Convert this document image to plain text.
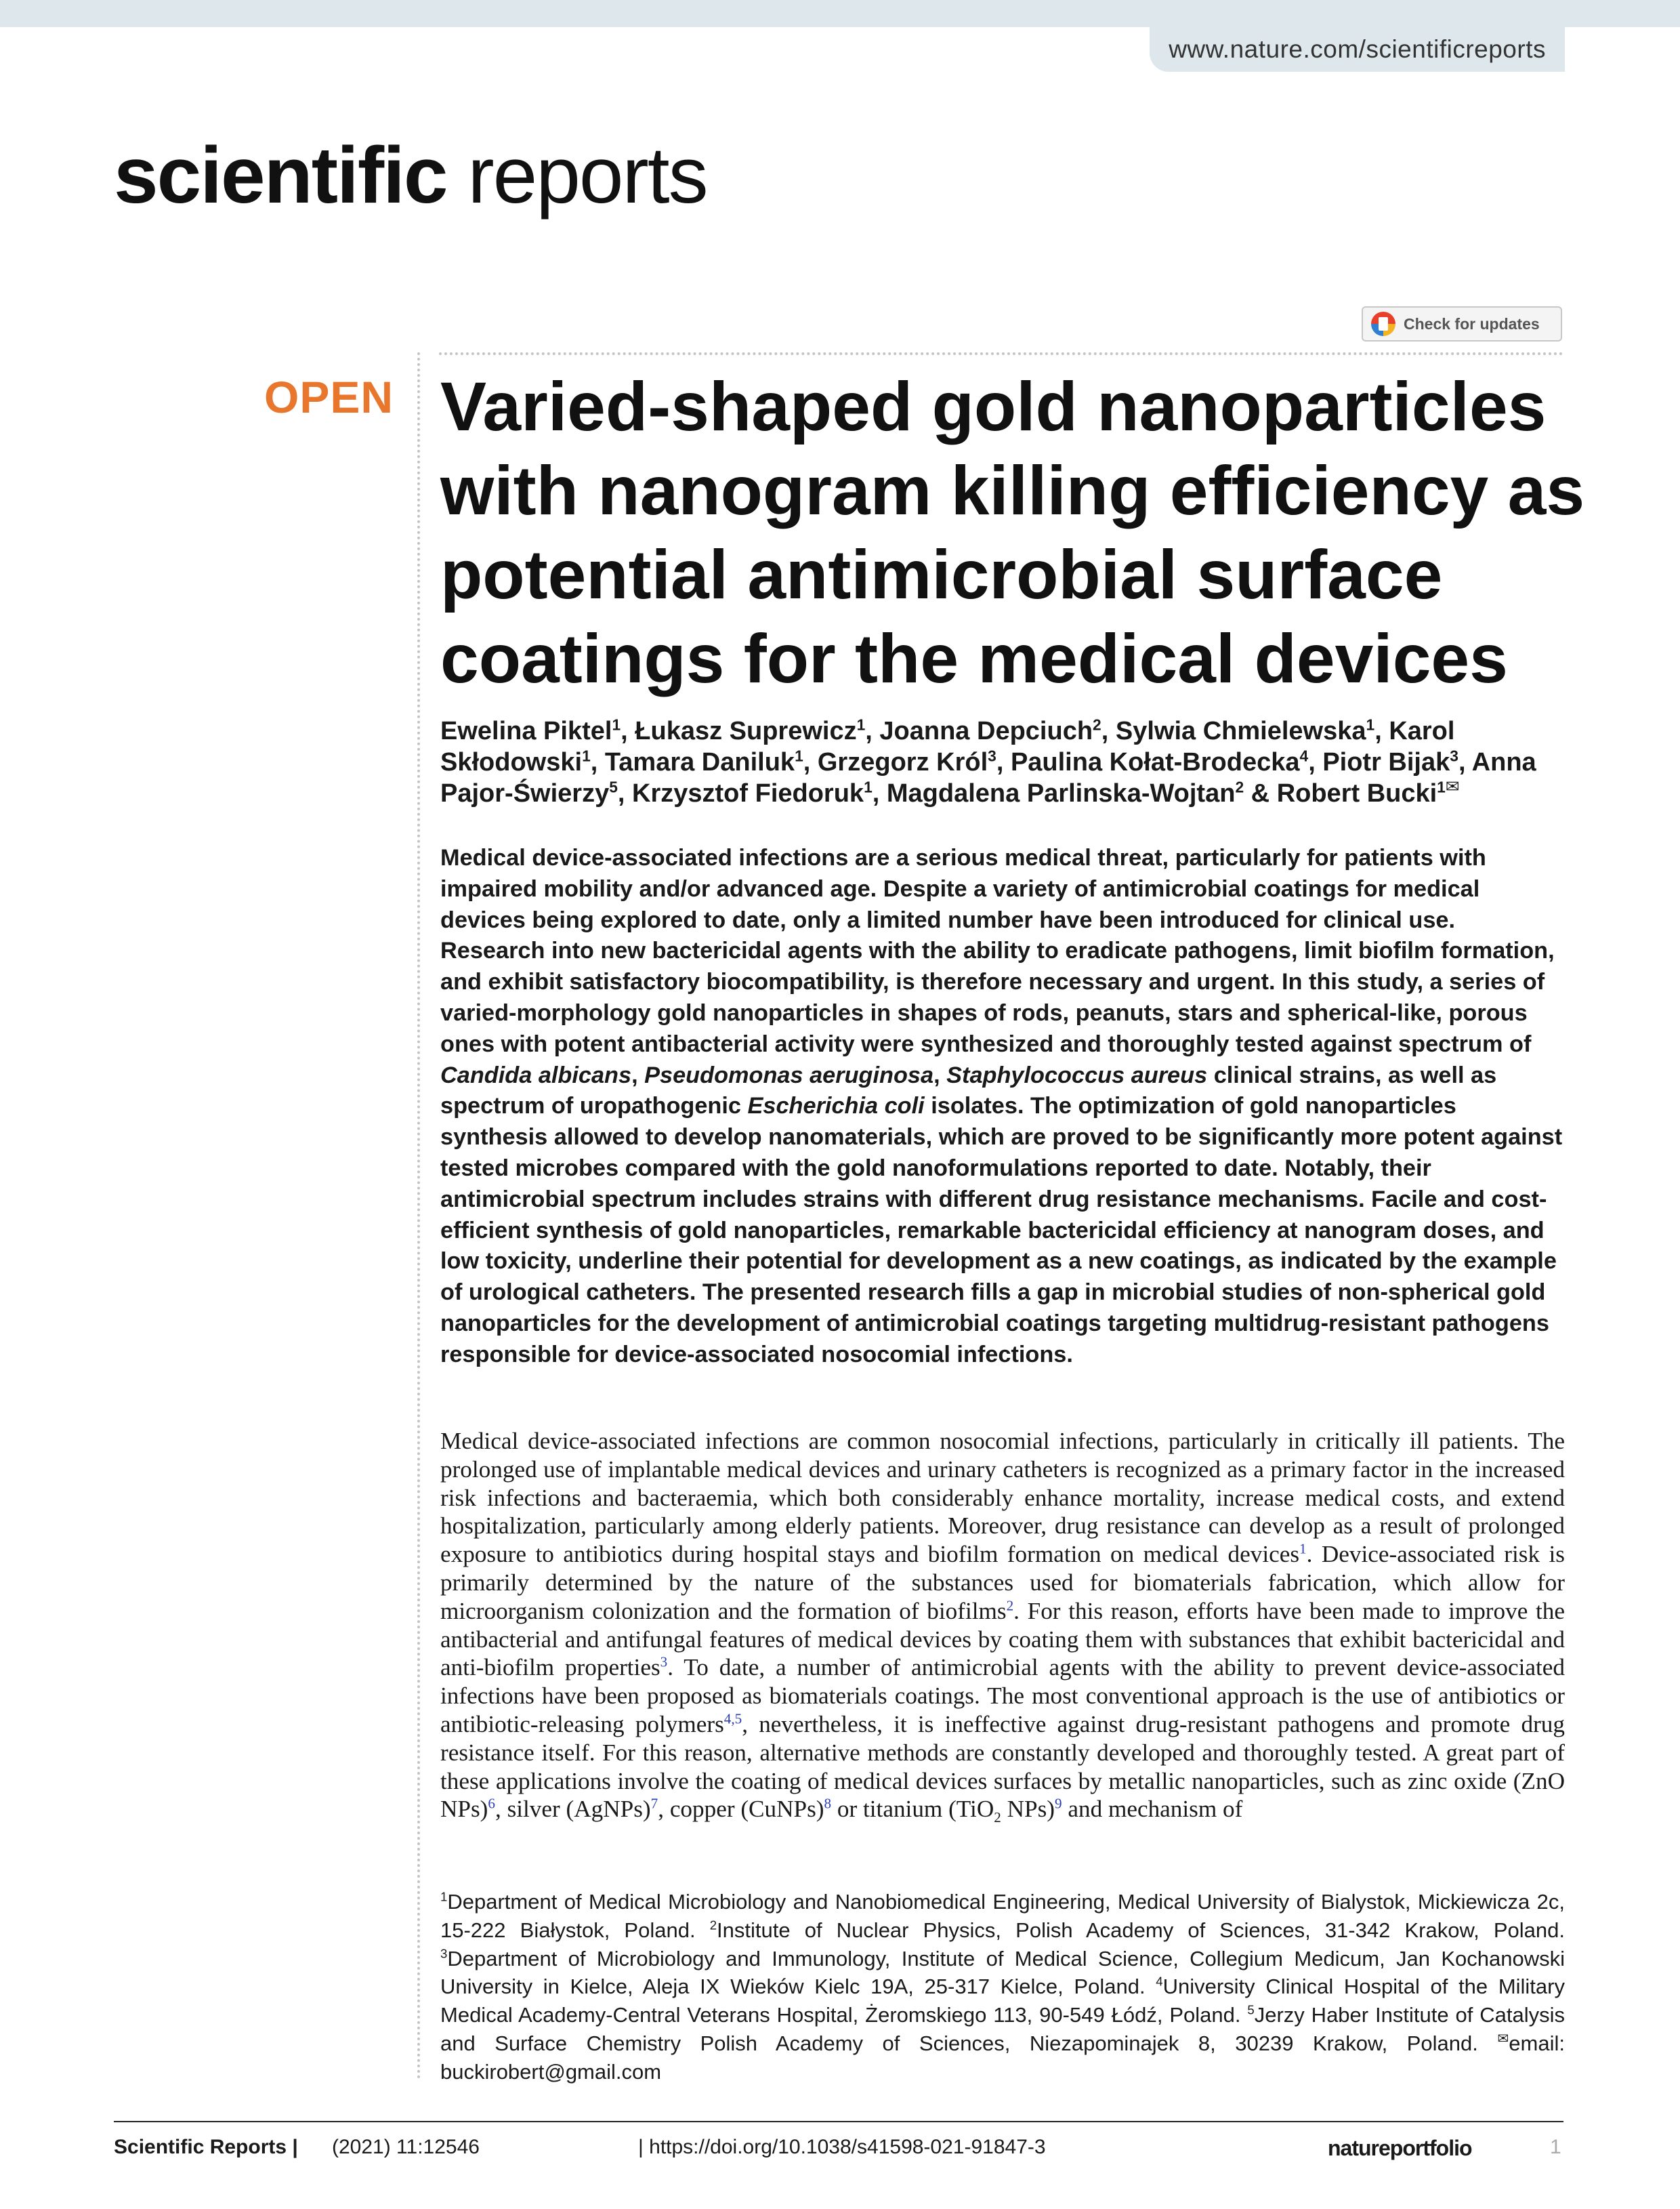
www.nature.com/scientificreports
scientific reports
Check for updates
OPEN Varied-shaped gold nanoparticles with nanogram killing efficiency as potential antimicrobial surface coatings for the medical devices
Ewelina Piktel$^1$, Łukasz Suprewicz$^1$, Joanna Depciuch$^2$, Sylwia Chmielewska$^1$, Karol Skłodowski$^1$, Tamara Daniluk$^1$, Grzegorz Król$^3$, Paulina Kołat-Brodecka$^4$, Piotr Bijak$^3$, Anna Pajor-Świerzy$^5$, Krzysztof Fiedoruk$^1$, Magdalena Parlinska-Wojtan$^2$ & Robert Bucki$^1$✉

Medical device-associated infections are a serious medical threat, particularly for patients with impaired mobility and/or advanced age. Despite a variety of antimicrobial coatings for medical devices being explored to date, only a limited number have been introduced for clinical use. Research into new bactericidal agents with the ability to eradicate pathogens, limit biofilm formation, and exhibit satisfactory biocompatibility, is therefore necessary and urgent. In this study, a series of varied-morphology gold nanoparticles in shapes of rods, peanuts, stars and spherical-like, porous ones with potent antibacterial activity were synthesized and thoroughly tested against spectrum of Candida albicans, Pseudomonas aeruginosa, Staphylococcus aureus clinical strains, as well as spectrum of uropathogenic Escherichia coli isolates. The optimization of gold nanoparticles synthesis allowed to develop nanomaterials, which are proved to be significantly more potent against tested microbes compared with the gold nanoformulations reported to date. Notably, their antimicrobial spectrum includes strains with different drug resistance mechanisms. Facile and cost-efficient synthesis of gold nanoparticles, remarkable bactericidal efficiency at nanogram doses, and low toxicity, underline their potential for development as a new coatings, as indicated by the example of urological catheters. The presented research fills a gap in microbial studies of non-spherical gold nanoparticles for the development of antimicrobial coatings targeting multidrug-resistant pathogens responsible for device-associated nosocomial infections.

Medical device-associated infections are common nosocomial infections, particularly in critically ill patients. The prolonged use of implantable medical devices and urinary catheters is recognized as a primary factor in the increased risk infections and bacteraemia, which both considerably enhance mortality, increase medical costs, and extend hospitalization, particularly among elderly patients. Moreover, drug resistance can develop as a result of prolonged exposure to antibiotics during hospital stays and biofilm formation on medical devices$^1$. Device-associated risk is primarily determined by the nature of the substances used for biomaterials fabrication, which allow for microorganism colonization and the formation of biofilms$^2$. For this reason, efforts have been made to improve the antibacterial and antifungal features of medical devices by coating them with substances that exhibit bactericidal and anti-biofilm properties$^3$. To date, a number of antimicrobial agents with the ability to prevent device-associated infections have been proposed as biomaterials coatings. The most conventional approach is the use of antibiotics or antibiotic-releasing polymers$^{4,5}$, nevertheless, it is ineffective against drug-resistant pathogens and promote drug resistance itself. For this reason, alternative methods are constantly developed and thoroughly tested. A great part of these applications involve the coating of medical devices surfaces by metallic nanoparticles, such as zinc oxide (ZnO NPs)$^6$, silver (AgNPs)$^7$, copper (CuNPs)$^8$ or titanium (TiO$_2$ NPs)$^9$ and mechanism of

$^1$Department of Medical Microbiology and Nanobiomedical Engineering, Medical University of Bialystok, Mickiewicza 2c, 15-222 Białystok, Poland. $^2$Institute of Nuclear Physics, Polish Academy of Sciences, 31-342 Krakow, Poland. $^3$Department of Microbiology and Immunology, Institute of Medical Science, Collegium Medicum, Jan Kochanowski University in Kielce, Aleja IX Wieków Kielc 19A, 25-317 Kielce, Poland. $^4$University Clinical Hospital of the Military Medical Academy-Central Veterans Hospital, Żeromskiego 113, 90-549 Łódź, Poland. $^5$Jerzy Haber Institute of Catalysis and Surface Chemistry Polish Academy of Sciences, Niezapominajek 8, 30239 Krakow, Poland. ✉email: buckirobert@gmail.com

Scientific Reports | (2021) 11:12546	| https://doi.org/10.1038/s41598-021-91847-3	natureportfolio	1
